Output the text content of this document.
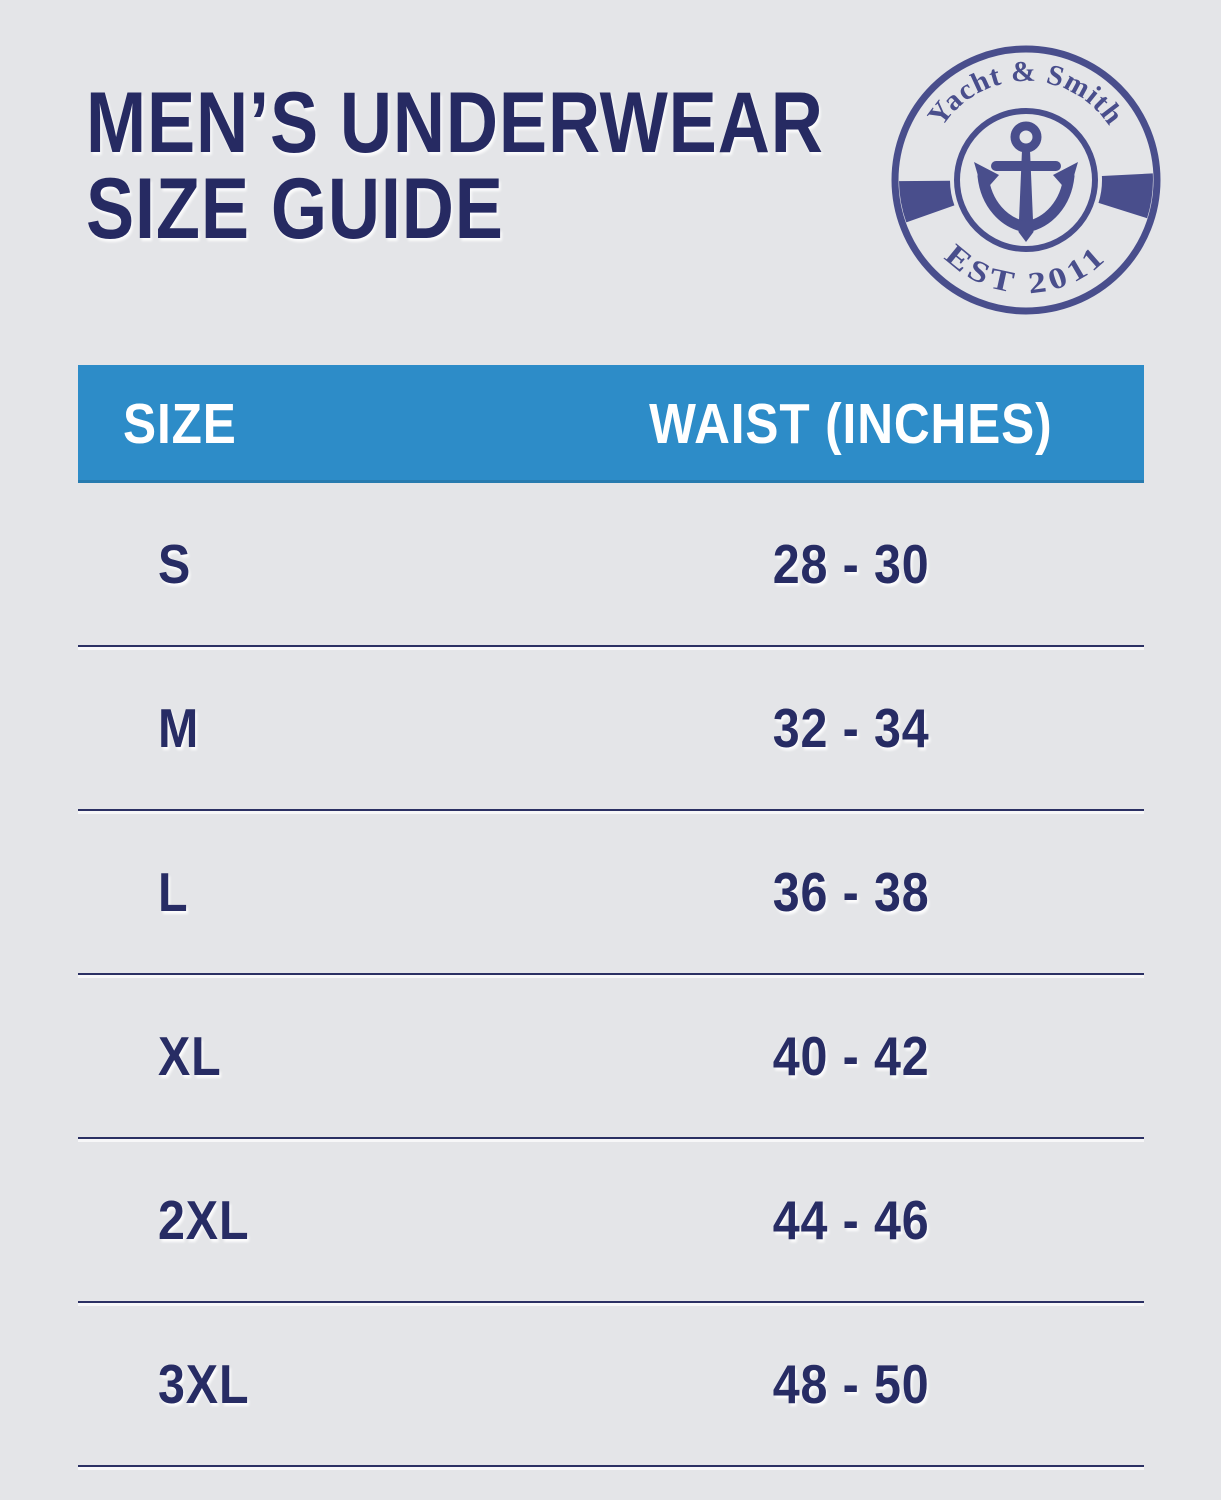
MEN’S UNDERWEAR
SIZE GUIDE
Yacht & Smith
EST 2011
SIZE	WAIST (INCHES)
S	28 - 30
M	32 - 34
L	36 - 38
XL	40 - 42
2XL	44 - 46
3XL	48 - 50
